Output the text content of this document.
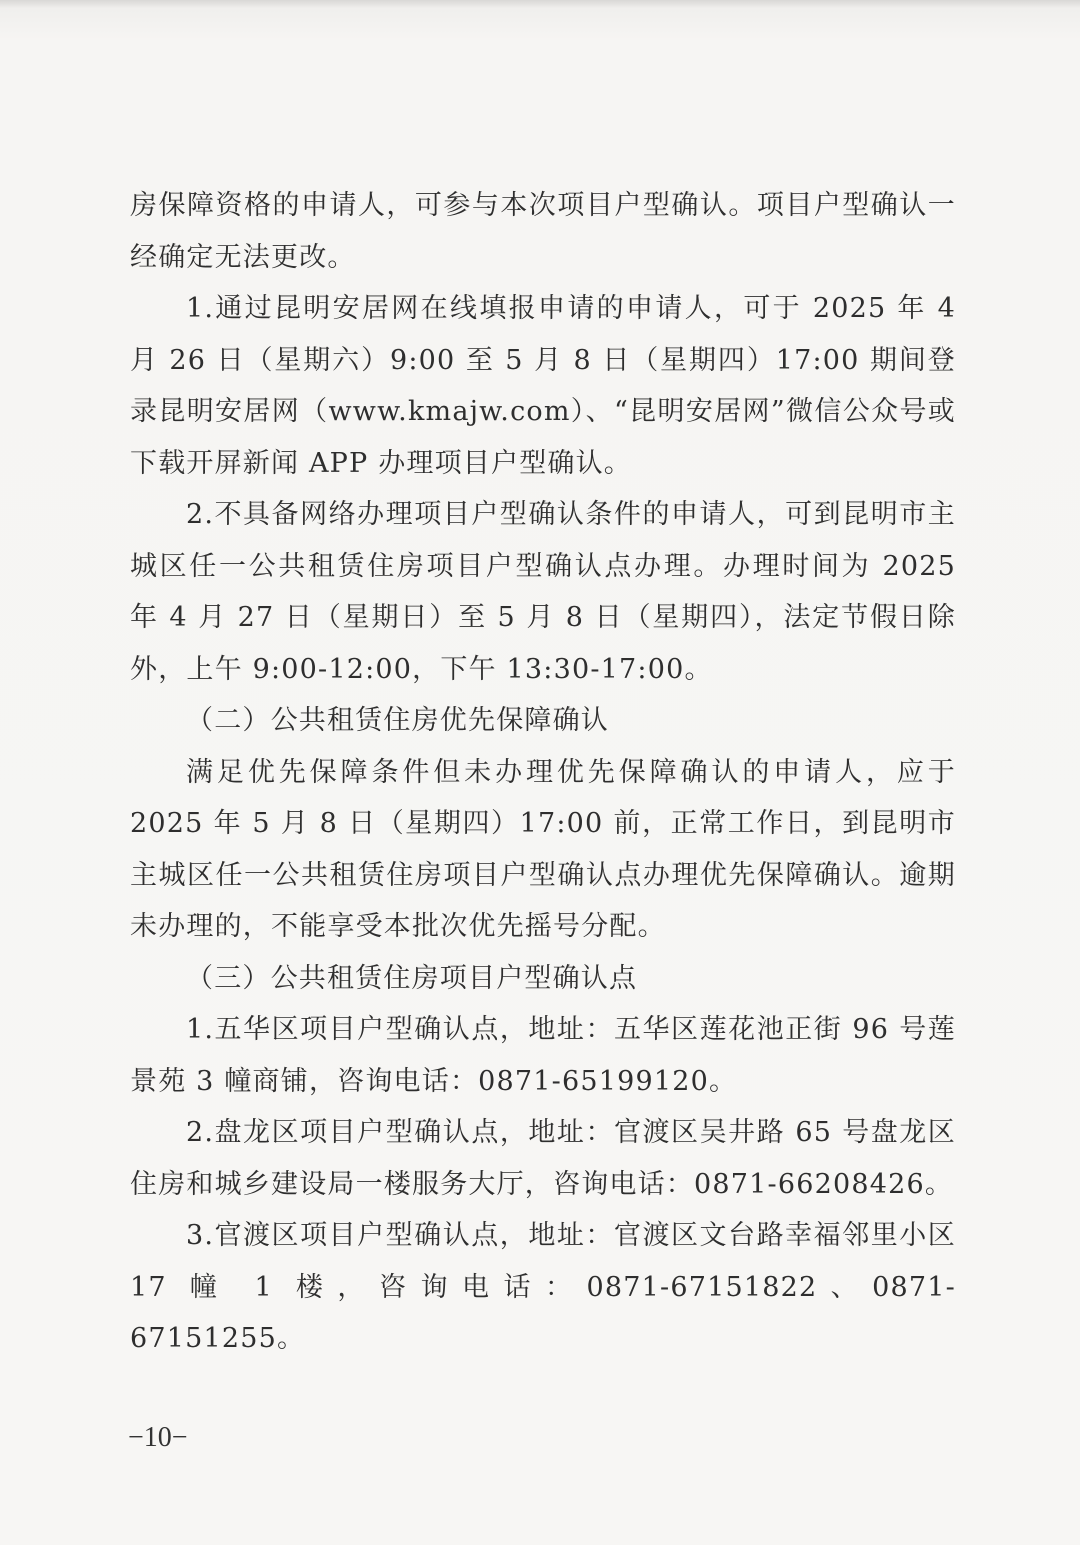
房保障资格的申请人，可参与本次项目户型确认。项目户型确认一经确定无法更改。

1.通过昆明安居网在线填报申请的申请人，可于 2025 年 4 月 26 日（星期六）9:00 至 5 月 8 日（星期四）17:00 期间登录昆明安居网（www.kmajw.com）、“昆明安居网”微信公众号或下载开屏新闻 APP 办理项目户型确认。

2.不具备网络办理项目户型确认条件的申请人，可到昆明市主城区任一公共租赁住房项目户型确认点办理。办理时间为 2025 年 4 月 27 日（星期日）至 5 月 8 日（星期四），法定节假日除外，上午 9:00-12:00，下午 13:30-17:00。

（二）公共租赁住房优先保障确认

满足优先保障条件但未办理优先保障确认的申请人，应于 2025 年 5 月 8 日（星期四）17:00 前，正常工作日，到昆明市主城区任一公共租赁住房项目户型确认点办理优先保障确认。逾期未办理的，不能享受本批次优先摇号分配。

（三）公共租赁住房项目户型确认点

1.五华区项目户型确认点，地址：五华区莲花池正街 96 号莲景苑 3 幢商铺，咨询电话：0871-65199120。

2.盘龙区项目户型确认点，地址：官渡区吴井路 65 号盘龙区住房和城乡建设局一楼服务大厅，咨询电话：0871-66208426。

3.官渡区项目户型确认点，地址：官渡区文台路幸福邻里小区 17 幢 1 楼，咨询电话：0871-67151822、0871-67151255。

−10−
